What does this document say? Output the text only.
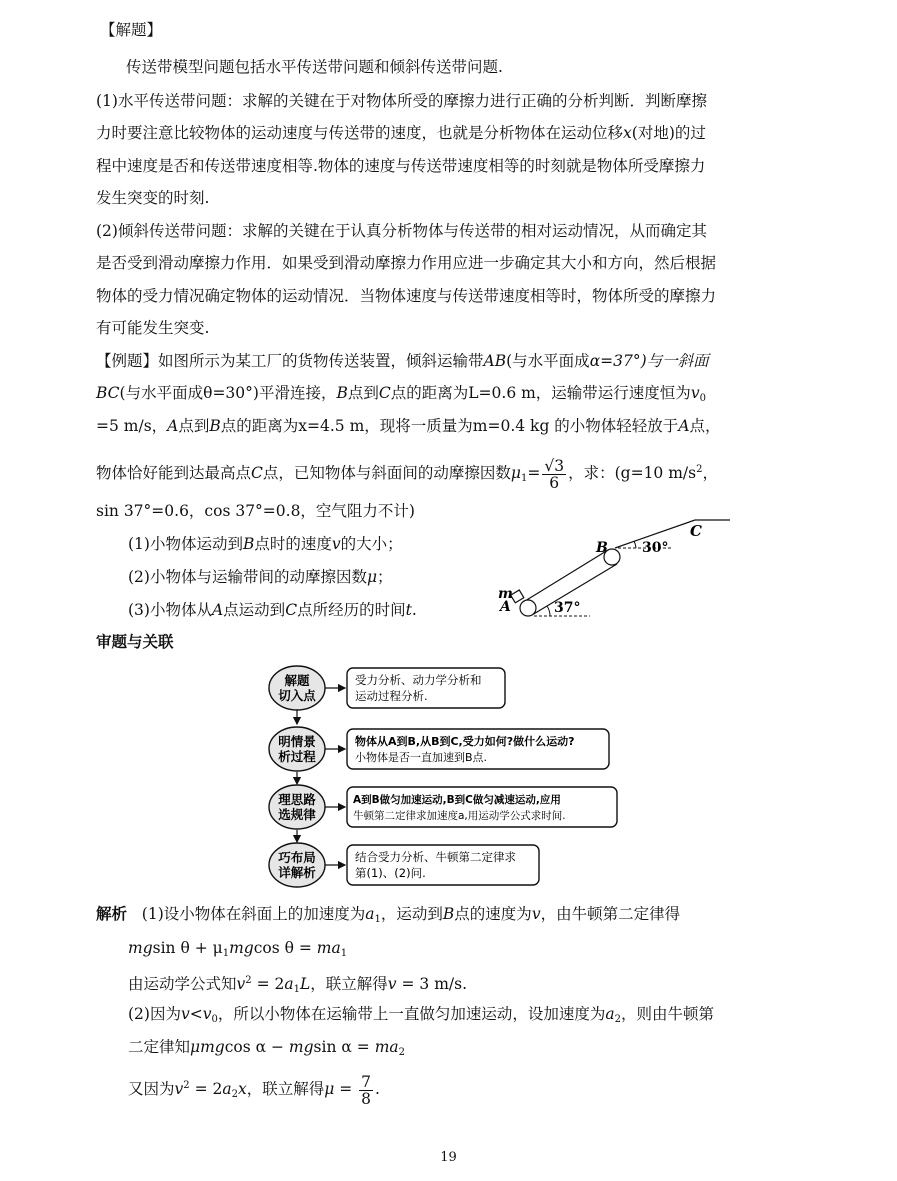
【解题】
传送带模型问题包括水平传送带问题和倾斜传送带问题.
(1)水平传送带问题：求解的关键在于对物体所受的摩擦力进行正确的分析判断．判断摩擦
力时要注意比较物体的运动速度与传送带的速度，也就是分析物体在运动位移x(对地)的过
程中速度是否和传送带速度相等.物体的速度与传送带速度相等的时刻就是物体所受摩擦力
发生突变的时刻.
(2)倾斜传送带问题：求解的关键在于认真分析物体与传送带的相对运动情况，从而确定其
是否受到滑动摩擦力作用．如果受到滑动摩擦力作用应进一步确定其大小和方向，然后根据
物体的受力情况确定物体的运动情况．当物体速度与传送带速度相等时，物体所受的摩擦力
有可能发生突变.
【例题】如图所示为某工厂的货物传送装置，倾斜运输带AB(与水平面成α=37°)与一斜面
BC(与水平面成θ=30°)平滑连接，B点到C点的距离为L=0.6 m，运输带运行速度恒为$v_0$
=5 m/s，A点到B点的距离为x=4.5 m，现将一质量为m=0.4 kg 的小物体轻轻放于A点，
物体恰好能到达最高点C点，已知物体与斜面间的动摩擦因数$\mu_1= \frac{√3}{6}$ ，求：(g=10 $m/s^2$，
sin 37°=0.6，cos 37°=0.8，空气阻力不计)
(1)小物体运动到B点时的速度v的大小；
(2)小物体与运输带间的动摩擦因数μ；
(3)小物体从A点运动到C点所经历的时间t.
C
B
m
A
30°
37°
审题与关联
解题
切入点
受力分析、动力学分析和
运动过程分析.
明情景
析过程
物体从A到B,从B到C,受力如何?做什么运动?
小物体是否一直加速到B点.
理思路
选规律
A到B做匀加速运动,B到C做匀减速运动,应用
牛顿第二定律求加速度a,用运动学公式求时间.
巧布局
详解析
结合受力分析、牛顿第二定律求
第(1)、(2)问.
解析 (1)设小物体在斜面上的加速度为$a_1$，运动到B点的速度为v，由牛顿第二定律得
mgsin $\theta + \mu_1mgcos$ $\theta = ma_1$
由运动学公式知$v^2 = 2a_1L$，联立解得v = 3 m/s.
(2)因为$v<v_0$，所以小物体在运输带上一直做匀加速运动，设加速度为$a_2$，则由牛顿第
二定律知μmgcos α − mgsin $\alpha = ma_2$
又因为$v^2 = 2a_2x$，联立解得$\mu = \frac{7}{8}$ .
19
